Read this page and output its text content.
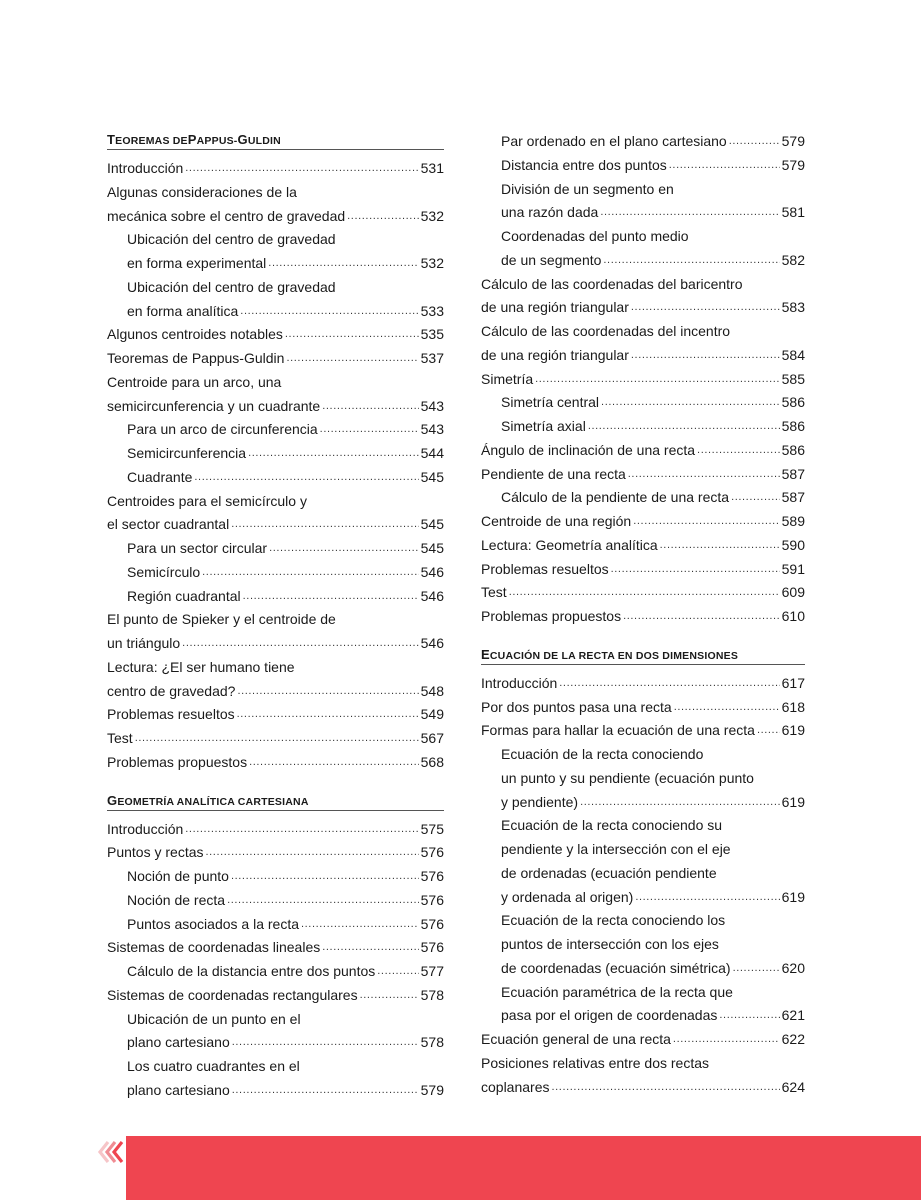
T EOREMAS DE P APPUS- G ULDIN
Introducción .....	531
Algunas consideraciones de la
mecánica sobre el centro de gravedad .....	532
Ubicación del centro de gravedad
en forma experimental .....	532
Ubicación del centro de gravedad
en forma analítica .....	533
Algunos centroides notables .....	535
Teoremas de Pappus-Guldin .....	537
Centroide para un arco, una
semicircunferencia y un cuadrante .....	543
Para un arco de circunferencia .....	543
Semicircunferencia .....	544
Cuadrante .....	545
Centroides para el semicírculo y
el sector cuadrantal .....	545
Para un sector circular .....	545
Semicírculo .....	546
Región cuadrantal .....	546
El punto de Spieker y el centroide de
un triángulo .....	546
Lectura: ¿El ser humano tiene
centro de gravedad? .....	548
Problemas resueltos .....	549
Test .....	567
Problemas propuestos .....	568
G EOMETRÍA ANALÍTICA CARTESIANA
Introducción .....	575
Puntos y rectas .....	576
Noción de punto .....	576
Noción de recta .....	576
Puntos asociados a la recta .....	576
Sistemas de coordenadas lineales .....	576
Cálculo de la distancia entre dos puntos .....	577
Sistemas de coordenadas rectangulares .....	578
Ubicación de un punto en el
plano cartesiano .....	578
Los cuatro cuadrantes en el
plano cartesiano .....	579
Par ordenado en el plano cartesiano .....	579
Distancia entre dos puntos .....	579
División de un segmento en
una razón dada .....	581
Coordenadas del punto medio
de un segmento .....	582
Cálculo de las coordenadas del baricentro
de una región triangular .....	583
Cálculo de las coordenadas del incentro
de una región triangular .....	584
Simetría .....	585
Simetría central .....	586
Simetría axial .....	586
Ángulo de inclinación de una recta .....	586
Pendiente de una recta .....	587
Cálculo de la pendiente de una recta .....	587
Centroide de una región .....	589
Lectura: Geometría analítica .....	590
Problemas resueltos .....	591
Test .....	609
Problemas propuestos .....	610
E CUACIÓN DE LA RECTA EN DOS DIMENSIONES
Introducción .....	617
Por dos puntos pasa una recta .....	618
Formas para hallar la ecuación de una recta ..... 619
Ecuación de la recta conociendo
un punto y su pendiente (ecuación punto
y pendiente) .....	619
Ecuación de la recta conociendo su
pendiente y la intersección con el eje
de ordenadas (ecuación pendiente
y ordenada al origen) .....	619
Ecuación de la recta conociendo los
puntos de intersección con los ejes
de coordenadas (ecuación simétrica) .....	620
Ecuación paramétrica de la recta que
pasa por el origen de coordenadas .....	621
Ecuación general de una recta .....	622
Posiciones relativas entre dos rectas
coplanares .....	624
